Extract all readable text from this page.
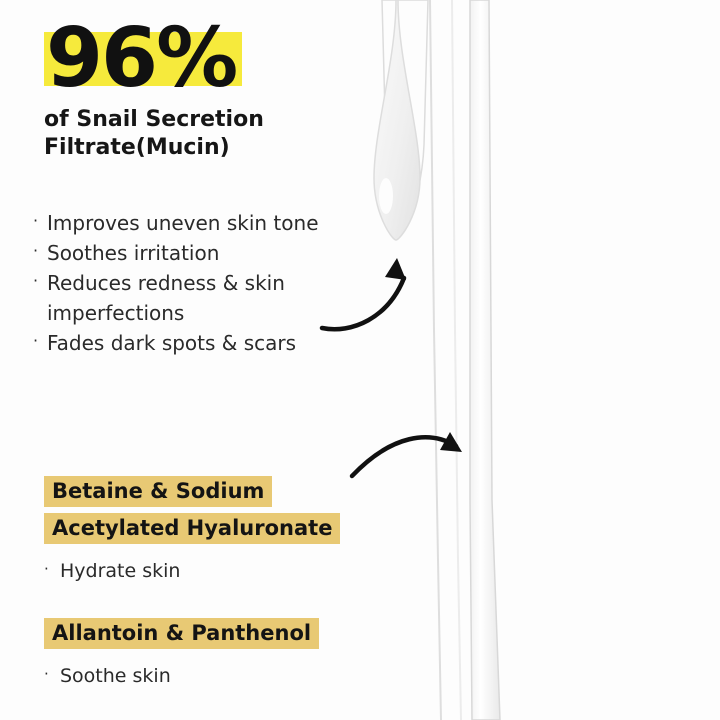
96%
of Snail Secretion
Filtrate(Mucin)
· Improves uneven skin tone
· Soothes irritation
· Reduces redness & skin
imperfections
· Fades dark spots & scars
Betaine & Sodium
Acetylated Hyaluronate
· Hydrate skin
Allantoin & Panthenol
· Soothe skin
